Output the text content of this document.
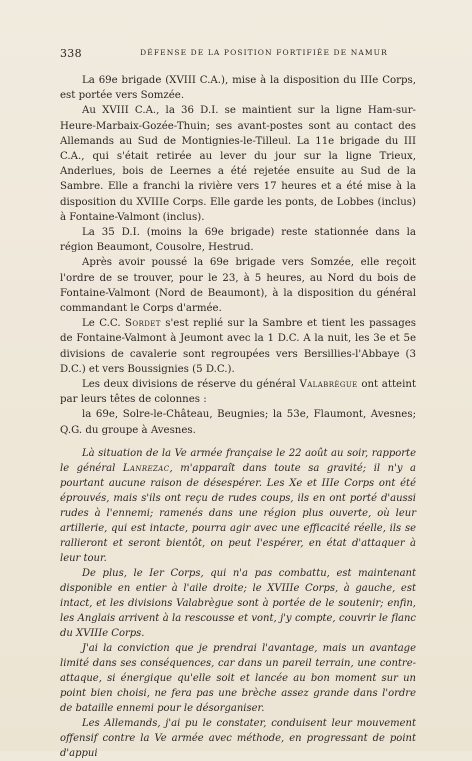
338	DÉFENSE DE LA POSITION FORTIFIÉE DE NAMUR

La 69e brigade (XVIII C.A.), mise à la disposition du IIIe Corps, est portée vers Somzée.

Au XVIII C.A., la 36 D.I. se maintient sur la ligne Ham-sur-Heure-Marbaix-Gozée-Thuin; ses avant-postes sont au contact des Allemands au Sud de Montignies-le-Tilleul. La 11e brigade du III C.A., qui s'était retirée au lever du jour sur la ligne Trieux, Anderlues, bois de Leernes a été rejetée ensuite au Sud de la Sambre. Elle a franchi la rivière vers 17 heures et a été mise à la disposition du XVIIIe Corps. Elle garde les ponts, de Lobbes (inclus) à Fontaine-Valmont (inclus).

La 35 D.I. (moins la 69e brigade) reste stationnée dans la région Beaumont, Cousolre, Hestrud.

Après avoir poussé la 69e brigade vers Somzée, elle reçoit l'ordre de se trouver, pour le 23, à 5 heures, au Nord du bois de Fontaine-Valmont (Nord de Beaumont), à la disposition du général commandant le Corps d'armée.

Le C.C. Sordet s'est replié sur la Sambre et tient les passages de Fontaine-Valmont à Jeumont avec la 1 D.C. A la nuit, les 3e et 5e divisions de cavalerie sont regroupées vers Bersillies-l'Abbaye (3 D.C.) et vers Boussignies (5 D.C.).

Les deux divisions de réserve du général Valabrègue ont atteint par leurs têtes de colonnes :

la 69e, Solre-le-Château, Beugnies; la 53e, Flaumont, Avesnes; Q.G. du groupe à Avesnes.

Là situation de la Ve armée française le 22 août au soir, rapporte le général Lanrezac, m'apparaît dans toute sa gravité; il n'y a pourtant aucune raison de désespérer. Les Xe et IIIe Corps ont été éprouvés, mais s'ils ont reçu de rudes coups, ils en ont porté d'aussi rudes à l'ennemi; ramenés dans une région plus ouverte, où leur artillerie, qui est intacte, pourra agir avec une efficacité réelle, ils se rallieront et seront bientôt, on peut l'espérer, en état d'attaquer à leur tour.

De plus, le Ier Corps, qui n'a pas combattu, est maintenant disponible en entier à l'aile droite; le XVIIIe Corps, à gauche, est intact, et les divisions Valabrègue sont à portée de le soutenir; enfin, les Anglais arrivent à la rescousse et vont, j'y compte, couvrir le flanc du XVIIIe Corps.

J'ai la conviction que je prendrai l'avantage, mais un avantage limité dans ses conséquences, car dans un pareil terrain, une contre-attaque, si énergique qu'elle soit et lancée au bon moment sur un point bien choisi, ne fera pas une brèche assez grande dans l'ordre de bataille ennemi pour le désorganiser.

Les Allemands, j'ai pu le constater, conduisent leur mouvement offensif contre la Ve armée avec méthode, en progressant de point d'appui
